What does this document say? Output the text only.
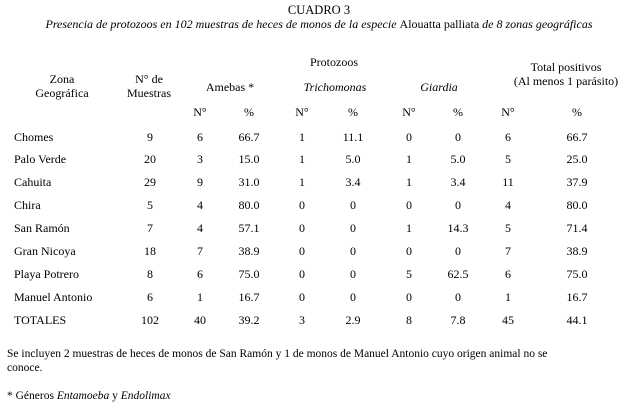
CUADRO 3
Presencia de protozoos en 102 muestras de heces de monos de la especie Alouatta palliata de 8 zonas geográficas
Zona
Geográfica
N° de
Muestras
Protozoos
Amebas *	Trichomonas	Giardia
Total positivos
(Al menos 1 parásito)
N°	%	N°	%	N°	%	N°	%
Chomes	9	6	66.7	1	11.1	0	0	6	66.7
Palo Verde	20	3	15.0	1	5.0	1	5.0	5	25.0
Cahuita	29	9	31.0	1	3.4	1	3.4	11	37.9
Chira	5	4	80.0	0	0	0	0	4	80.0
San Ramón	7	4	57.1	0	0	1	14.3	5	71.4
Gran Nicoya	18	7	38.9	0	0	0	0	7	38.9
Playa Potrero	8	6	75.0	0	0	5	62.5	6	75.0
Manuel Antonio	6	1	16.7	0	0	0	0	1	16.7
TOTALES	102	40	39.2	3	2.9	8	7.8	45	44.1
Se incluyen 2 muestras de heces de monos de San Ramón y 1 de monos de Manuel Antonio cuyo origen animal no se
conoce.
* Géneros Entamoeba y Endolimax
